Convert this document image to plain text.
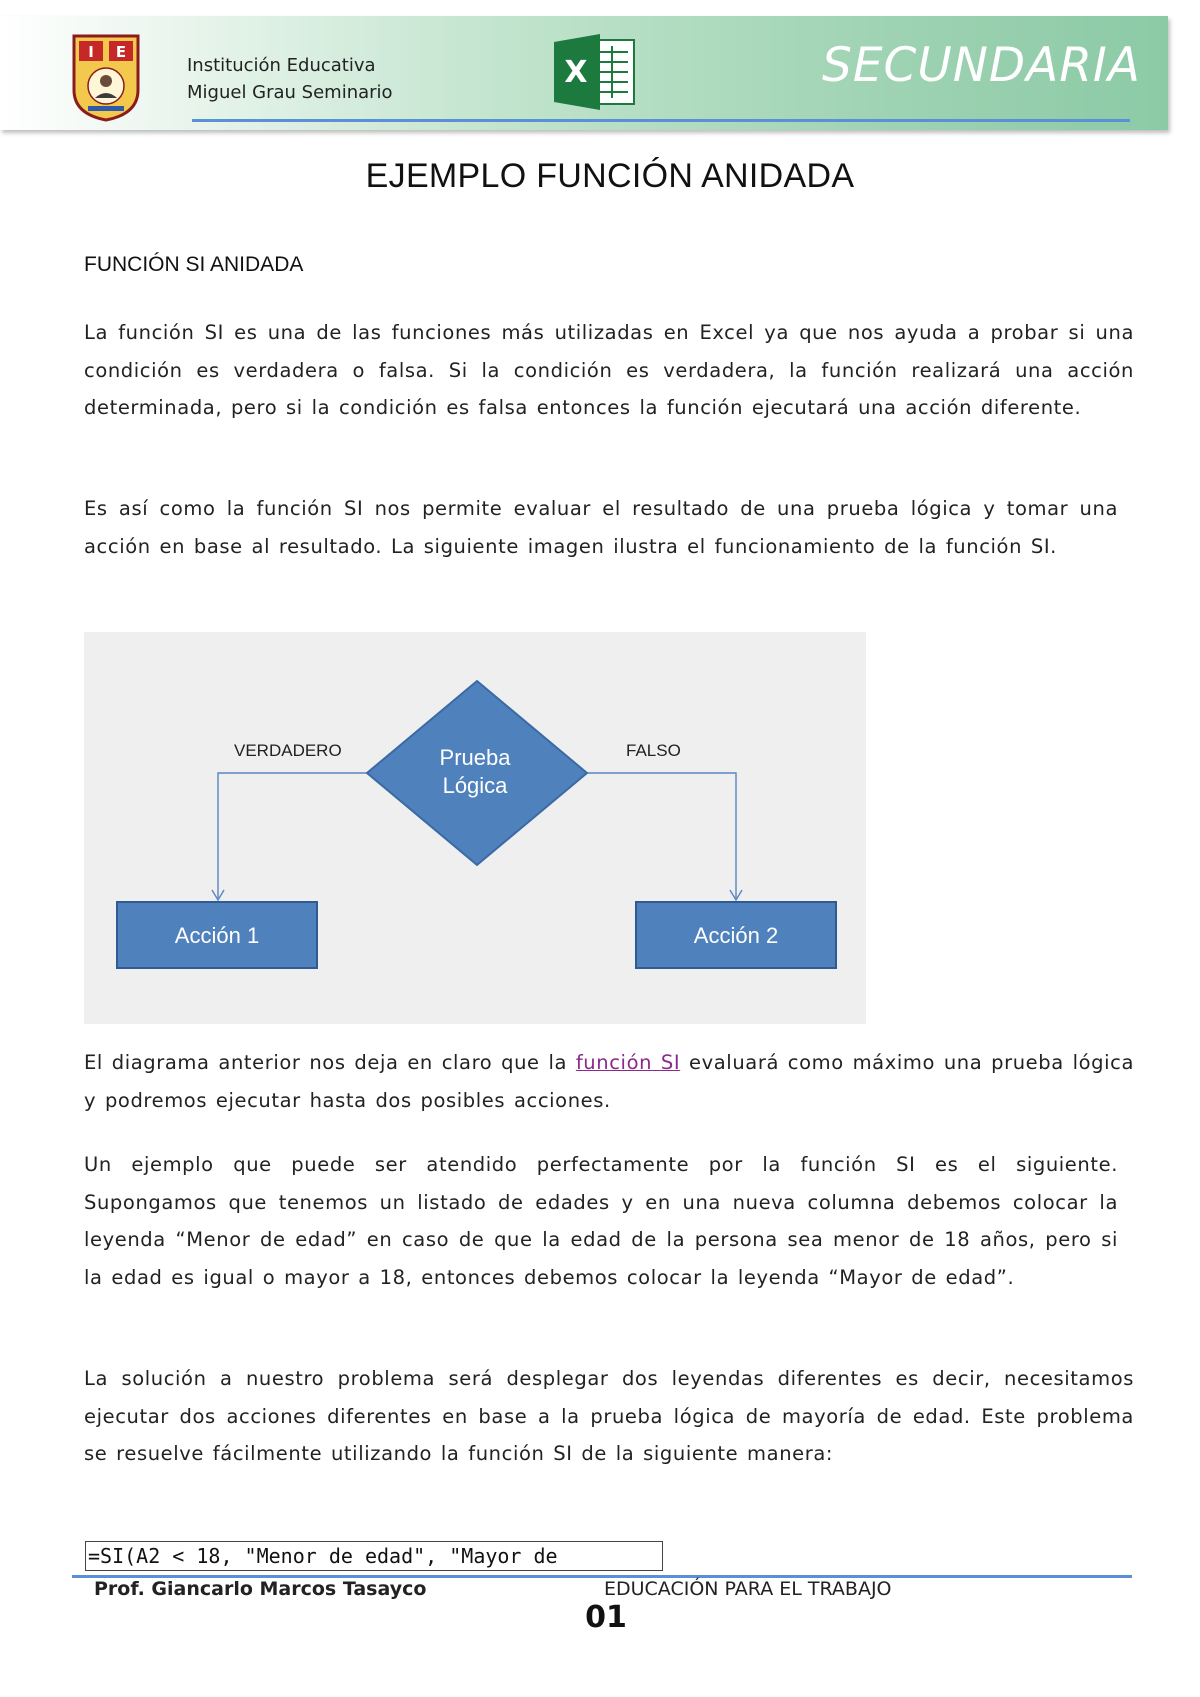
I E
Institución Educativa
Miguel Grau Seminario
X	SECUNDARIA
EJEMPLO FUNCIÓN ANIDADA
FUNCIÓN SI ANIDADA
La función SI es una de las funciones más utilizadas en Excel ya que nos ayuda a probar si una condición es verdadera o falsa. Si la condición es verdadera, la función realizará una acción determinada, pero si la condición es falsa entonces la función ejecutará una acción diferente.
Es así como la función SI nos permite evaluar el resultado de una prueba lógica y tomar una acción en base al resultado. La siguiente imagen ilustra el funcionamiento de la función SI.
Prueba
Lógica
VERDADERO	FALSO
Acción 1	Acción 2
El diagrama anterior nos deja en claro que la función SI evaluará como máximo una prueba lógica y podremos ejecutar hasta dos posibles acciones.
Un ejemplo que puede ser atendido perfectamente por la función SI es el siguiente. Supongamos que tenemos un listado de edades y en una nueva columna debemos colocar la leyenda “Menor de edad” en caso de que la edad de la persona sea menor de 18 años, pero si la edad es igual o mayor a 18, entonces debemos colocar la leyenda “Mayor de edad”.
La solución a nuestro problema será desplegar dos leyendas diferentes es decir, necesitamos ejecutar dos acciones diferentes en base a la prueba lógica de mayoría de edad. Este problema se resuelve fácilmente utilizando la función SI de la siguiente manera:
=SI(A2 < 18, "Menor de edad", "Mayor de
Prof. Giancarlo Marcos Tasayco	EDUCACIÓN PARA EL TRABAJO
01
